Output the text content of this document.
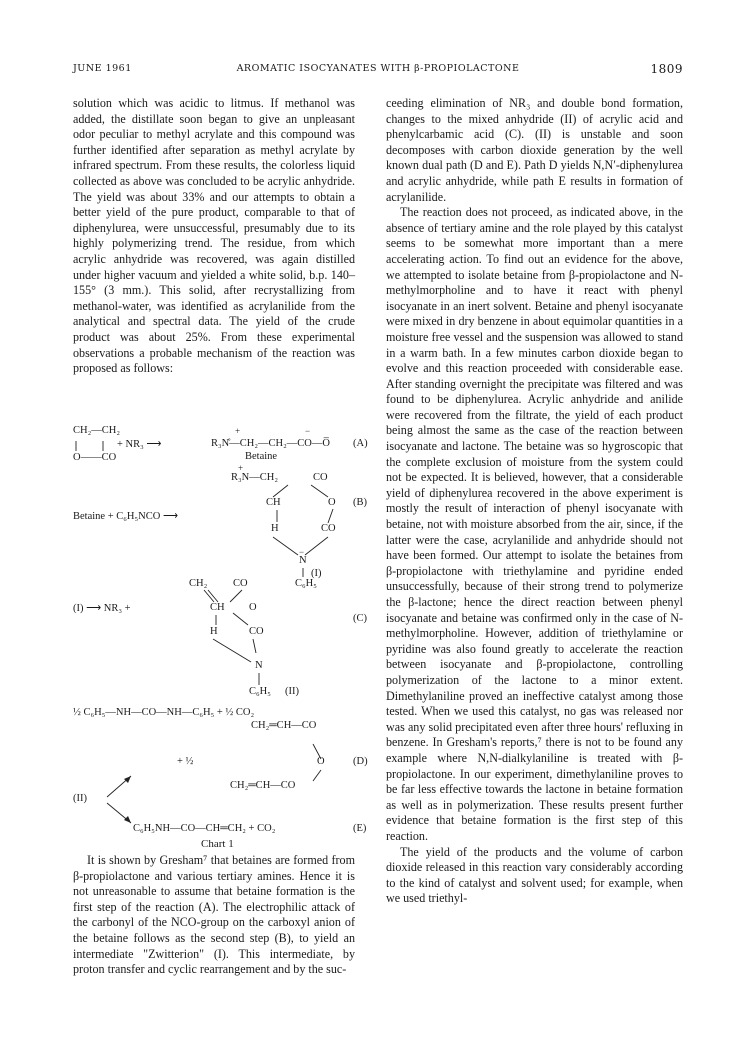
JUNE 1961	AROMATIC ISOCYANATES WITH β-PROPIOLACTONE	1809

solution which was acidic to litmus. If methanol was added, the distillate soon began to give an unpleasant odor peculiar to methyl acrylate and this compound was further identified after separation as methyl acrylate by infrared spectrum. From these results, the colorless liquid collected as above was concluded to be acrylic anhydride. The yield was about 33% and our attempts to obtain a better yield of the pure product, comparable to that of diphenylurea, were unsuccessful, presumably due to its highly polymerizing trend. The residue, from which acrylic anhydride was recovered, was again distilled under higher vacuum and yielded a white solid, b.p. 140–155° (3 mm.). This solid, after recrystallizing from methanol-water, was identified as acrylanilide from the analytical and spectral data. The yield of the crude product was about 25%. From these experimental observations a probable mechanism of the reaction was proposed as follows:

CH₂—CH₂
O——CO
+ NR₃ ⟶
+	−
R₃N̊—CH₂—CH₂—CO—O̅
Betaine
(A)
+
R₃N—CH₂	CO
CH	O (B)
Betaine + C₆H₅NCO ⟶
H	CO
−
N
(I)
C₆H₅
CH₂ CO
(I) ⟶ NR₃ +	CH O
(C)
H	CO
N
C₆H₅ (II)
½ C₆H₅—NH—CO—NH—C₆H₅ + ½ CO₂
CH₂═CH—CO
+ ½	O	(D)
CH₂═CH—CO
(II)
C₆H₅NH—CO—CH═CH₂ + CO₂	(E)
Chart 1

It is shown by Gresham⁷ that betaines are formed from β-propiolactone and various tertiary amines. Hence it is not unreasonable to assume that betaine formation is the first step of the reaction (A). The electrophilic attack of the carbonyl of the NCO-group on the carboxyl anion of the betaine follows as the second step (B), to yield an intermediate "Zwitterion" (I). This intermediate, by proton transfer and cyclic rearrangement and by the suc-

ceeding elimination of NR₃ and double bond formation, changes to the mixed anhydride (II) of acrylic acid and phenylcarbamic acid (C). (II) is unstable and soon decomposes with carbon dioxide generation by the well known dual path (D and E). Path D yields N,N′-diphenylurea and acrylic anhydride, while path E results in formation of acrylanilide.

The reaction does not proceed, as indicated above, in the absence of tertiary amine and the role played by this catalyst seems to be somewhat more important than a mere accelerating action. To find out an evidence for the above, we attempted to isolate betaine from β-propiolactone and N-methylmorpholine and to have it react with phenyl isocyanate in an inert solvent. Betaine and phenyl isocyanate were mixed in dry benzene in about equimolar quantities in a moisture free vessel and the suspension was allowed to stand in a warm bath. In a few minutes carbon dioxide began to evolve and this reaction proceeded with considerable ease. After standing overnight the precipitate was filtered and was found to be diphenylurea. Acrylic anhydride and anilide were recovered from the filtrate, the yield of each product being almost the same as the case of the reaction between isocyanate and lactone. The betaine was so hygroscopic that the complete exclusion of moisture from the system could not be expected. It is believed, however, that a considerable yield of diphenylurea recovered in the above experiment is mostly the result of interaction of phenyl isocyanate with betaine, not with moisture absorbed from the air, since, if the latter were the case, acrylanilide and anhydride should not have been formed. Our attempt to isolate the betaines from β-propiolactone with triethylamine and pyridine ended unsuccessfully, because of their strong trend to polymerize the β-lactone; hence the direct reaction between phenyl isocyanate and betaine was confirmed only in the case of N-methylmorpholine. However, addition of triethylamine or pyridine was also found greatly to accelerate the reaction between isocyanate and β-propiolactone, controlling polymerization of the lactone to a minor extent. Dimethylaniline proved an ineffective catalyst among those tested. When we used this catalyst, no gas was released nor was any solid precipitated even after three hours' refluxing in benzene. In Gresham's reports,⁷ there is not to be found any example where N,N-dialkylaniline is treated with β-propiolactone. In our experiment, dimethylaniline proves to be far less effective towards the lactone in betaine formation as well as in polymerization. These results present further evidence that betaine formation is the first step of this reaction.

The yield of the products and the volume of carbon dioxide released in this reaction vary considerably according to the kind of catalyst and solvent used; for example, when we used triethyl-
